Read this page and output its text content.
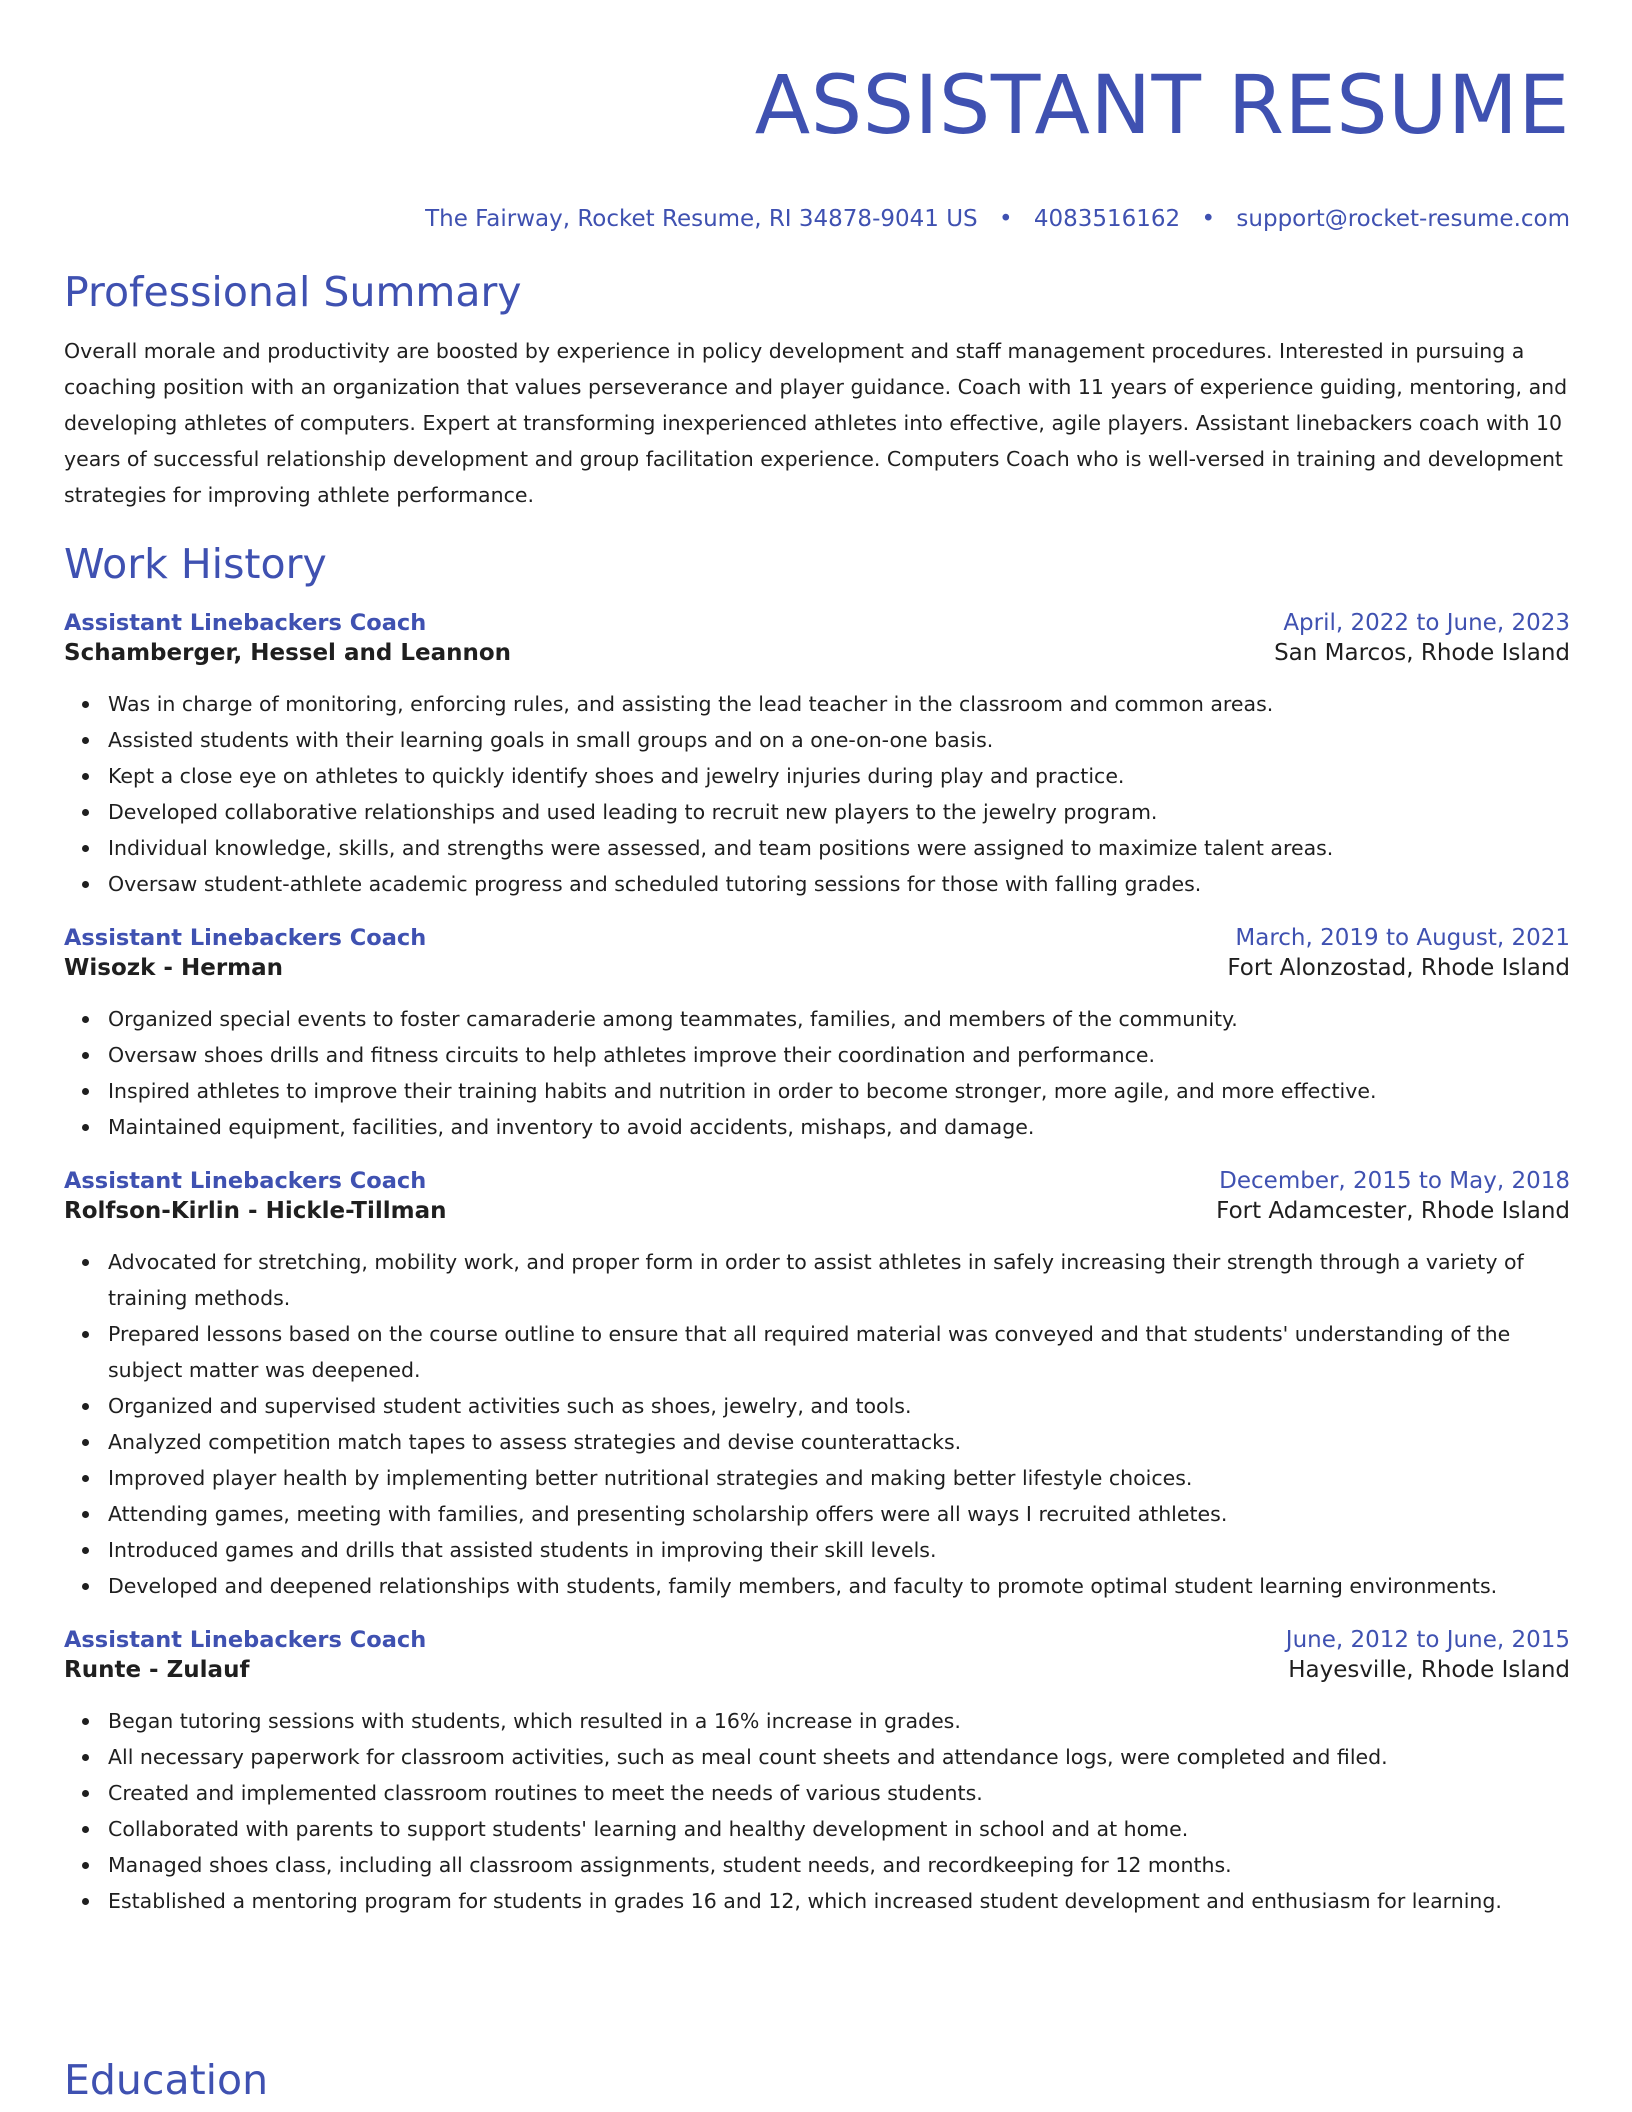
ASSISTANT RESUME
The Fairway, Rocket Resume, RI 34878-9041 US • 4083516162 • support@rocket-resume.com
Professional Summary

Overall morale and productivity are boosted by experience in policy development and staff management procedures. Interested in pursuing a coaching position with an organization that values perseverance and player guidance. Coach with 11 years of experience guiding, mentoring, and developing athletes of computers. Expert at transforming inexperienced athletes into effective, agile players. Assistant linebackers coach with 10 years of successful relationship development and group facilitation experience. Computers Coach who is well-versed in training and development strategies for improving athlete performance.

Work History
Assistant Linebackers Coach	April, 2022 to June, 2023
Schamberger, Hessel and Leannon	San Marcos, Rhode Island
Was in charge of monitoring, enforcing rules, and assisting the lead teacher in the classroom and common areas.
Assisted students with their learning goals in small groups and on a one-on-one basis.
Kept a close eye on athletes to quickly identify shoes and jewelry injuries during play and practice.
Developed collaborative relationships and used leading to recruit new players to the jewelry program.
Individual knowledge, skills, and strengths were assessed, and team positions were assigned to maximize talent areas.
Oversaw student-athlete academic progress and scheduled tutoring sessions for those with falling grades.
Assistant Linebackers Coach	March, 2019 to August, 2021
Wisozk - Herman	Fort Alonzostad, Rhode Island
Organized special events to foster camaraderie among teammates, families, and members of the community.
Oversaw shoes drills and fitness circuits to help athletes improve their coordination and performance.
Inspired athletes to improve their training habits and nutrition in order to become stronger, more agile, and more effective.
Maintained equipment, facilities, and inventory to avoid accidents, mishaps, and damage.
Assistant Linebackers Coach	December, 2015 to May, 2018
Rolfson-Kirlin - Hickle-Tillman	Fort Adamcester, Rhode Island
Advocated for stretching, mobility work, and proper form in order to assist athletes in safely increasing their strength through a variety of training methods.
Prepared lessons based on the course outline to ensure that all required material was conveyed and that students' understanding of the subject matter was deepened.
Organized and supervised student activities such as shoes, jewelry, and tools.
Analyzed competition match tapes to assess strategies and devise counterattacks.
Improved player health by implementing better nutritional strategies and making better lifestyle choices.
Attending games, meeting with families, and presenting scholarship offers were all ways I recruited athletes.
Introduced games and drills that assisted students in improving their skill levels.
Developed and deepened relationships with students, family members, and faculty to promote optimal student learning environments.
Assistant Linebackers Coach	June, 2012 to June, 2015
Runte - Zulauf	Hayesville, Rhode Island
Began tutoring sessions with students, which resulted in a 16% increase in grades.
All necessary paperwork for classroom activities, such as meal count sheets and attendance logs, were completed and filed.
Created and implemented classroom routines to meet the needs of various students.
Collaborated with parents to support students' learning and healthy development in school and at home.
Managed shoes class, including all classroom assignments, student needs, and recordkeeping for 12 months.
Established a mentoring program for students in grades 16 and 12, which increased student development and enthusiasm for learning.
Education
